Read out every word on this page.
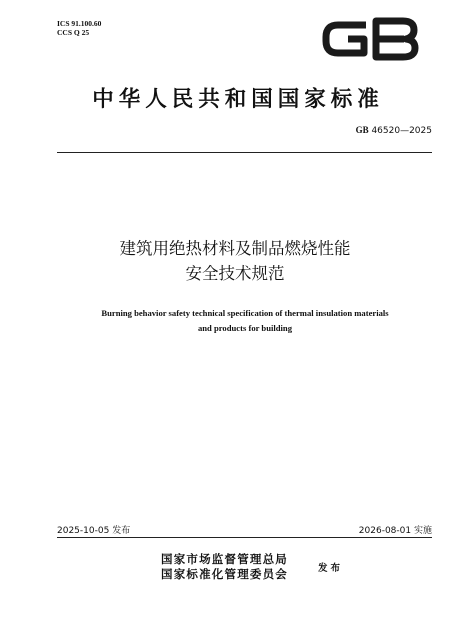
ICS 91.100.60
CCS Q 25
中华人民共和国国家标准
GB 46520—2025
建筑用绝热材料及制品燃烧性能
安全技术规范
Burning behavior safety technical specification of thermal insulation materials
and products for building
2025-10-05 发布	2026-08-01 实施
国家市场监督管理总局
国家标准化管理委员会	发布
